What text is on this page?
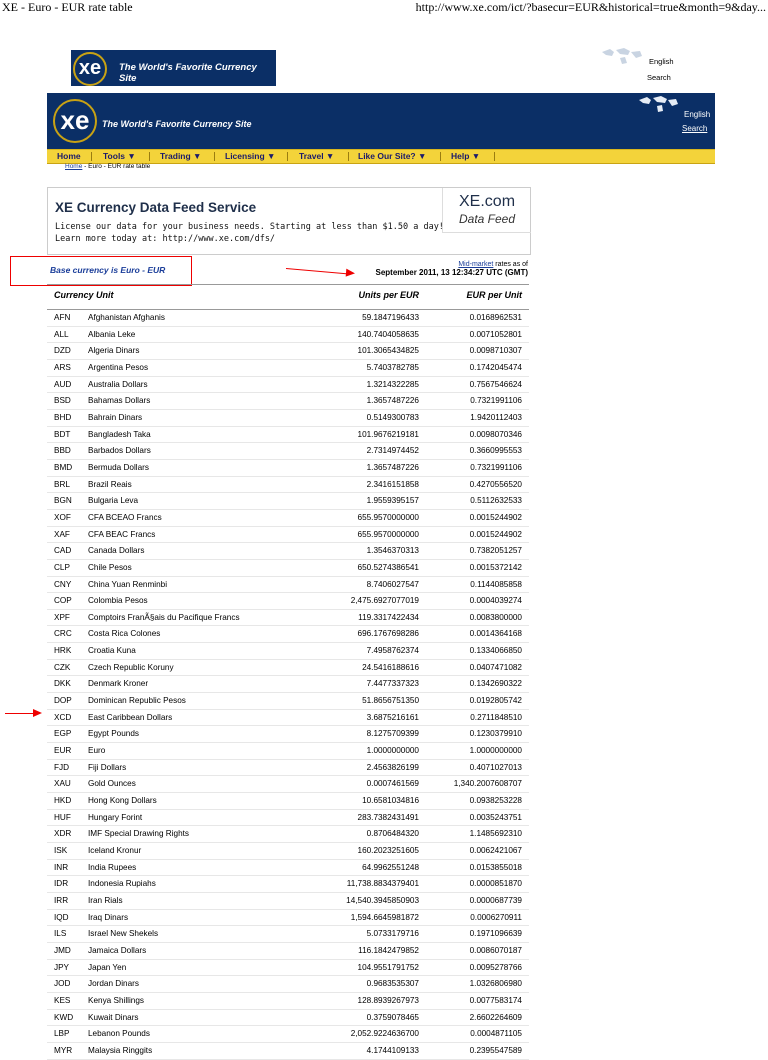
XE - Euro - EUR rate table	http://www.xe.com/ict/?basecur=EUR&historical=true&month=9&day...
xe	The World's Favorite Currency Site
English
Search
xe	The World's Favorite Currency Site
English
Search
Home	Tools ▼	Trading ▼	Licensing ▼	Travel ▼	Like Our Site? ▼	Help ▼
Home - Euro - EUR rate table
XE Currency Data Feed Service
License our data for your business needs. Starting at less than $1.50 a day!
Learn more today at: http://www.xe.com/dfs/
XE.com
Data Feed
Base currency is Euro - EUR
Mid-market rates as of
September 2011, 13 12:34:27 UTC (GMT)
Currency Unit	Units per EUR	EUR per Unit
AFN Afghanistan Afghanis	59.1847196433	0.0168962531
ALL Albania Leke	140.7404058635	0.0071052801
DZD Algeria Dinars	101.3065434825	0.0098710307
ARS Argentina Pesos	5.7403782785	0.1742045474
AUD Australia Dollars	1.3214322285	0.7567546624
BSD Bahamas Dollars	1.3657487226	0.7321991106
BHD Bahrain Dinars	0.5149300783	1.9420112403
BDT Bangladesh Taka	101.9676219181	0.0098070346
BBD Barbados Dollars	2.7314974452	0.3660995553
BMD Bermuda Dollars	1.3657487226	0.7321991106
BRL Brazil Reais	2.3416151858	0.4270556520
BGN Bulgaria Leva	1.9559395157	0.5112632533
XOF CFA BCEAO Francs	655.9570000000	0.0015244902
XAF CFA BEAC Francs	655.9570000000	0.0015244902
CAD Canada Dollars	1.3546370313	0.7382051257
CLP Chile Pesos	650.5274386541	0.0015372142
CNY China Yuan Renminbi	8.7406027547	0.1144085858
COP Colombia Pesos	2,475.6927077019	0.0004039274
XPF Comptoirs FranÃ§ais du Pacifique Francs	119.3317422434	0.0083800000
CRC Costa Rica Colones	696.1767698286	0.0014364168
HRK Croatia Kuna	7.4958762374	0.1334066850
CZK Czech Republic Koruny	24.5416188616	0.0407471082
DKK Denmark Kroner	7.4477337323	0.1342690322
DOP Dominican Republic Pesos	51.8656751350	0.0192805742
XCD East Caribbean Dollars	3.6875216161	0.2711848510
EGP Egypt Pounds	8.1275709399	0.1230379910
EUR Euro	1.0000000000	1.0000000000
FJD Fiji Dollars	2.4563826199	0.4071027013
XAU Gold Ounces	0.0007461569	1,340.2007608707
HKD Hong Kong Dollars	10.6581034816	0.0938253228
HUF Hungary Forint	283.7382431491	0.0035243751
XDR IMF Special Drawing Rights	0.8706484320	1.1485692310
ISK	Iceland Kronur	160.2023251605	0.0062421067
INR India Rupees	64.9962551248	0.0153855018
IDR Indonesia Rupiahs	11,738.8834379401	0.0000851870
IRR Iran Rials	14,540.3945850903	0.0000687739
IQD Iraq Dinars	1,594.6645981872	0.0006270911
ILS	Israel New Shekels	5.0733179716	0.1971096639
JMD Jamaica Dollars	116.1842479852	0.0086070187
JPY Japan Yen	104.9551791752	0.0095278766
JOD Jordan Dinars	0.9683535307	1.0326806980
KES Kenya Shillings	128.8939267973	0.0077583174
KWD Kuwait Dinars	0.3759078465	2.6602264609
LBP Lebanon Pounds	2,052.9224636700	0.0004871105
MYR Malaysia Ringgits	4.1744109133	0.2395547589
